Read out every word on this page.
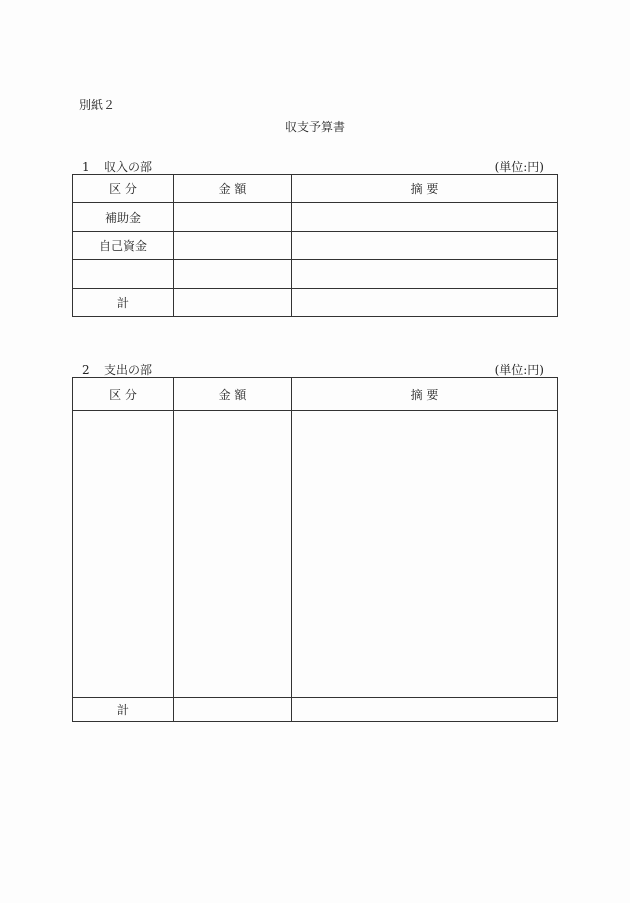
別紙２
収支予算書
1 収入の部	(単位:円)
区 分	金 額	摘 要
補助金		
自己資金		

計		
2 支出の部	(単位:円)
区 分	金 額	摘 要

計		
